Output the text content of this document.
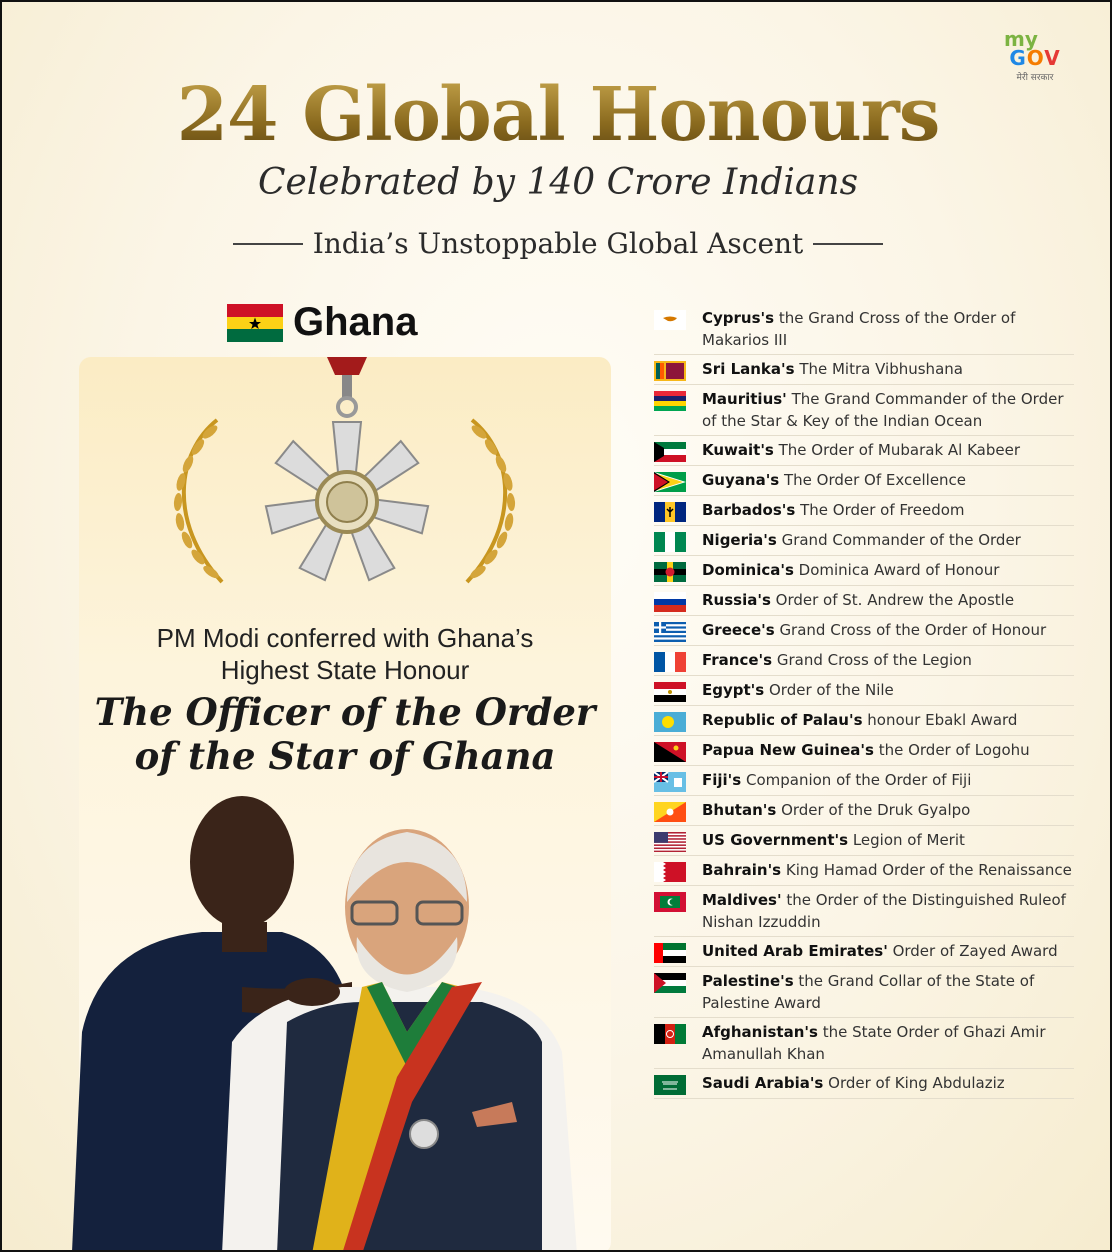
my
GOV
24 Global Honours
Celebrated by 140 Crore Indians
India’s Unstoppable Global Ascent
Ghana
PM Modi conferred with Ghana’s
Highest State Honour
The Officer of the Order
of the Star of Ghana
Cyprus's the Grand Cross of the Order of Makarios III
Sri Lanka's The Mitra Vibhushana
Mauritius' The Grand Commander of the Order of the Star & Key of the Indian Ocean
Kuwait's The Order of Mubarak Al Kabeer
Guyana's The Order Of Excellence
Barbados's The Order of Freedom
Nigeria's Grand Commander of the Order
Dominica's Dominica Award of Honour
Russia's Order of St. Andrew the Apostle
Greece's Grand Cross of the Order of Honour
France's Grand Cross of the Legion
Egypt's Order of the Nile
Republic of Palau's honour Ebakl Award
Papua New Guinea's the Order of Logohu
Fiji's Companion of the Order of Fiji
Bhutan's Order of the Druk Gyalpo
US Government's Legion of Merit
Bahrain's King Hamad Order of the Renaissance
Maldives' the Order of the Distinguished Ruleof Nishan Izzuddin
United Arab Emirates' Order of Zayed Award
Palestine's the Grand Collar of the State of Palestine Award
Afghanistan's the State Order of Ghazi Amir Amanullah Khan
Saudi Arabia's Order of King Abdulaziz
